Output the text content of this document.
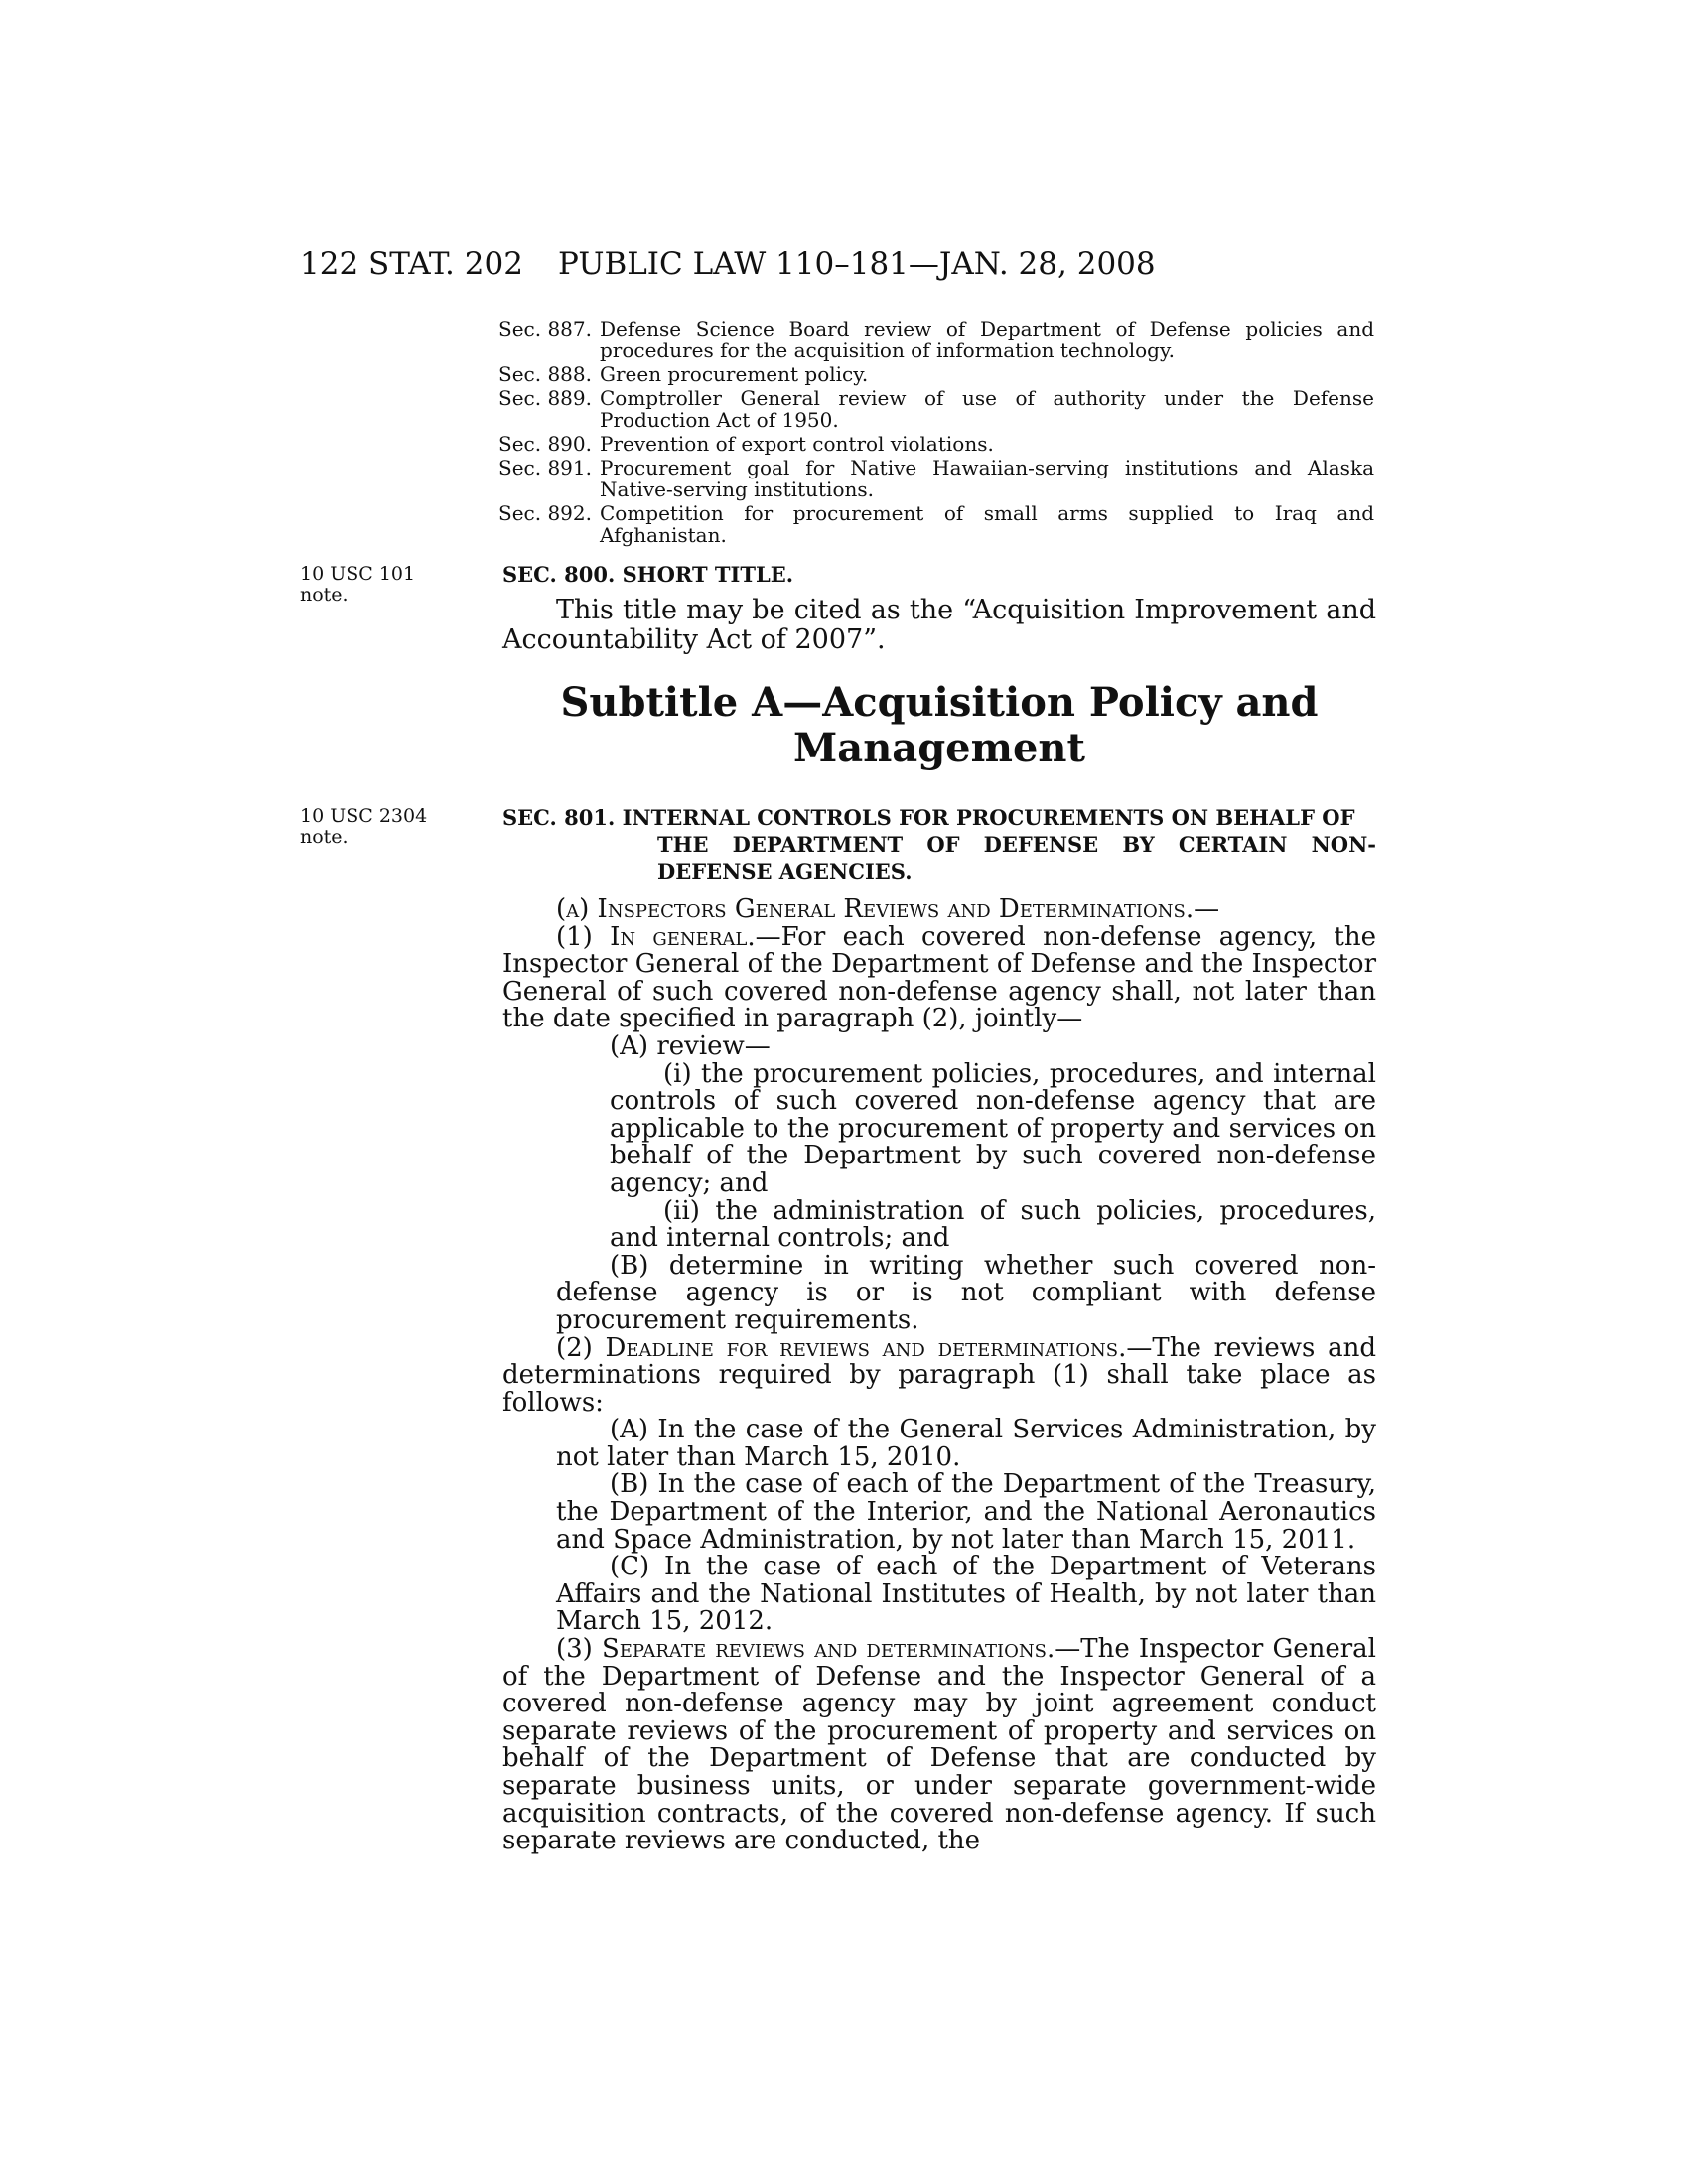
122 STAT. 202 PUBLIC LAW 110–181—JAN. 28, 2008
Sec. 887. Defense Science Board review of Department of Defense policies and procedures for the acquisition of information technology.
Sec. 888. Green procurement policy.
Sec. 889. Comptroller General review of use of authority under the Defense Production Act of 1950.
Sec. 890. Prevention of export control violations.
Sec. 891. Procurement goal for Native Hawaiian-serving institutions and Alaska Native-serving institutions.
Sec. 892. Competition for procurement of small arms supplied to Iraq and Afghanistan.
10 USC 101 note.
SEC. 800. SHORT TITLE.
This title may be cited as the “Acquisition Improvement and Accountability Act of 2007”.
Subtitle A—Acquisition Policy and Management
10 USC 2304
note.
SEC. 801. INTERNAL CONTROLS FOR PROCUREMENTS ON BEHALF OF
THE DEPARTMENT OF DEFENSE BY CERTAIN NON-
DEFENSE AGENCIES.

(a) Inspectors General Reviews and Determinations.—

(1) In general.—For each covered non-defense agency, the Inspector General of the Department of Defense and the Inspector General of such covered non-defense agency shall, not later than the date specified in paragraph (2), jointly—

(A) review—

(i) the procurement policies, procedures, and internal controls of such covered non-defense agency that are applicable to the procurement of property and services on behalf of the Department by such covered non-defense agency; and

(ii) the administration of such policies, procedures, and internal controls; and

(B) determine in writing whether such covered non-defense agency is or is not compliant with defense procurement requirements.

(2) Deadline for reviews and determinations.—The reviews and determinations required by paragraph (1) shall take place as follows:

(A) In the case of the General Services Administration, by not later than March 15, 2010.

(B) In the case of each of the Department of the Treasury, the Department of the Interior, and the National Aeronautics and Space Administration, by not later than March 15, 2011.

(C) In the case of each of the Department of Veterans Affairs and the National Institutes of Health, by not later than March 15, 2012.

(3) Separate reviews and determinations.—The Inspector General of the Department of Defense and the Inspector General of a covered non-defense agency may by joint agreement conduct separate reviews of the procurement of property and services on behalf of the Department of Defense that are conducted by separate business units, or under separate government-wide acquisition contracts, of the covered non-defense agency. If such separate reviews are conducted, the
